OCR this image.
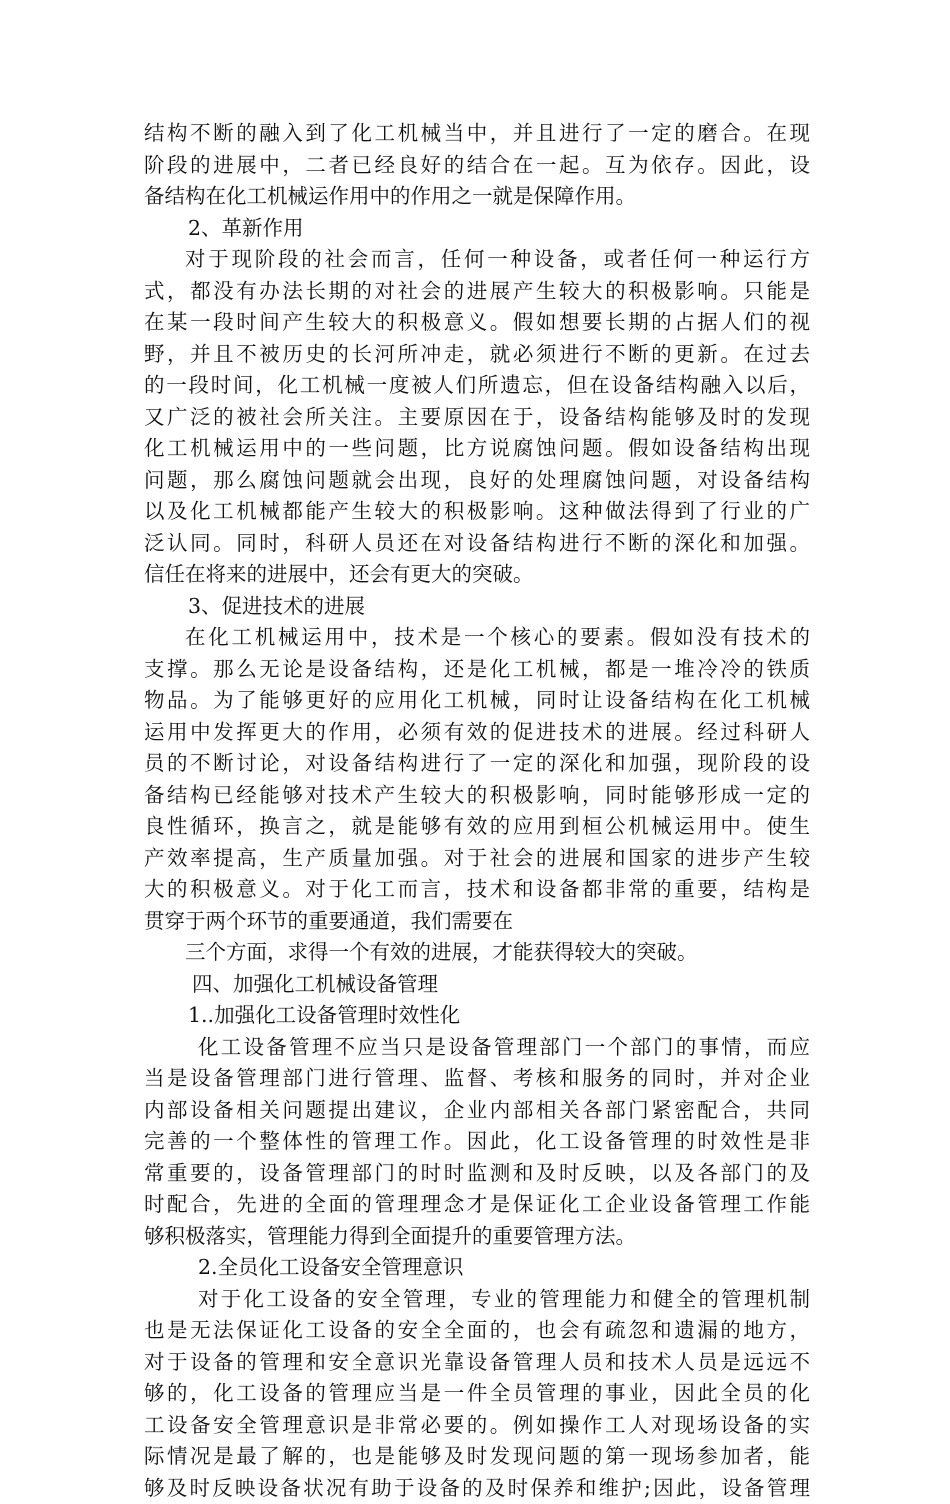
结构不断的融入到了化工机械当中，并且进行了一定的磨合。在现
阶段的进展中，二者已经良好的结合在一起。互为依存。因此，设
备结构在化工机械运作用中的作用之一就是保障作用。
2、革新作用
对于现阶段的社会而言，任何一种设备，或者任何一种运行方
式，都没有办法长期的对社会的进展产生较大的积极影响。只能是
在某一段时间产生较大的积极意义。假如想要长期的占据人们的视
野，并且不被历史的长河所冲走，就必须进行不断的更新。在过去
的一段时间，化工机械一度被人们所遗忘，但在设备结构融入以后，
又广泛的被社会所关注。主要原因在于，设备结构能够及时的发现
化工机械运用中的一些问题，比方说腐蚀问题。假如设备结构出现
问题，那么腐蚀问题就会出现，良好的处理腐蚀问题，对设备结构
以及化工机械都能产生较大的积极影响。这种做法得到了行业的广
泛认同。同时，科研人员还在对设备结构进行不断的深化和加强。
信任在将来的进展中，还会有更大的突破。
3、促进技术的进展
在化工机械运用中，技术是一个核心的要素。假如没有技术的
支撑。那么无论是设备结构，还是化工机械，都是一堆冷冷的铁质
物品。为了能够更好的应用化工机械，同时让设备结构在化工机械
运用中发挥更大的作用，必须有效的促进技术的进展。经过科研人
员的不断讨论，对设备结构进行了一定的深化和加强，现阶段的设
备结构已经能够对技术产生较大的积极影响，同时能够形成一定的
良性循环，换言之，就是能够有效的应用到桓公机械运用中。使生
产效率提高，生产质量加强。对于社会的进展和国家的进步产生较
大的积极意义。对于化工而言，技术和设备都非常的重要，结构是
贯穿于两个环节的重要通道，我们需要在
三个方面，求得一个有效的进展，才能获得较大的突破。
四、加强化工机械设备管理
1..加强化工设备管理时效性化
化工设备管理不应当只是设备管理部门一个部门的事情，而应
当是设备管理部门进行管理、监督、考核和服务的同时，并对企业
内部设备相关问题提出建议，企业内部相关各部门紧密配合，共同
完善的一个整体性的管理工作。因此，化工设备管理的时效性是非
常重要的，设备管理部门的时时监测和及时反映，以及各部门的及
时配合，先进的全面的管理理念才是保证化工企业设备管理工作能
够积极落实，管理能力得到全面提升的重要管理方法。
2.全员化工设备安全管理意识
对于化工设备的安全管理，专业的管理能力和健全的管理机制
也是无法保证化工设备的安全全面的，也会有疏忽和遗漏的地方，
对于设备的管理和安全意识光靠设备管理人员和技术人员是远远不
够的，化工设备的管理应当是一件全员管理的事业，因此全员的化
工设备安全管理意识是非常必要的。例如操作工人对现场设备的实
际情况是最了解的，也是能够及时发现问题的第一现场参加者，能
够及时反映设备状况有助于设备的及时保养和维护;因此，设备管理
